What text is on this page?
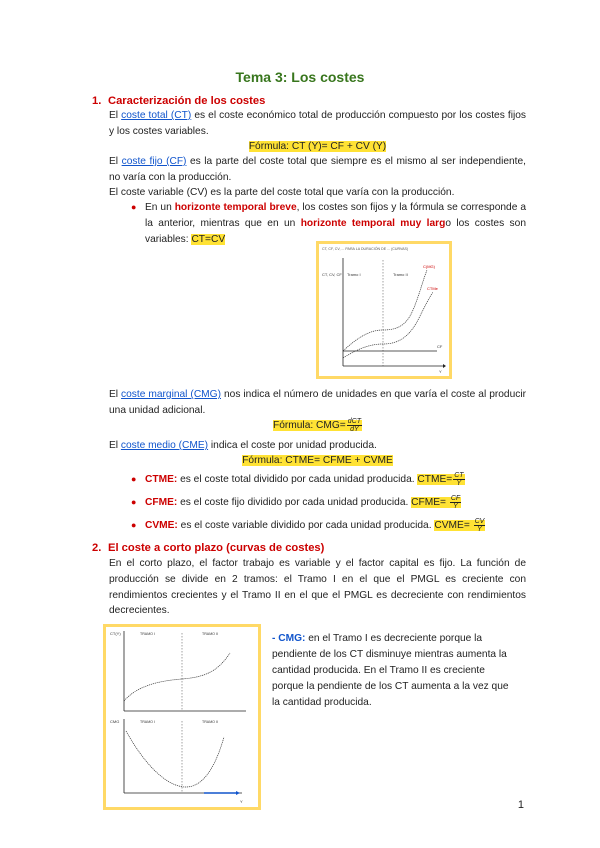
Tema 3: Los costes
1. Caracterización de los costes
El coste total (CT) es el coste económico total de producción compuesto por los costes fijos y los costes variables.
Fórmula: CT (Y)= CF + CV (Y)
El coste fijo (CF) es la parte del coste total que siempre es el mismo al ser independiente, no varía con la producción.
El coste variable (CV) es la parte del coste total que varía con la producción.
● En un horizonte temporal breve, los costes son fijos y la fórmula se corresponde a la anterior, mientras que en un horizonte temporal muy largo los costes son variables: CT=CV
CT, CF, CV, ... PARA LA DURACIÓN DE ... (CURVAS)
CT, CV, CF Tramo I	Tramo II
CF
C(MG)
CTMe
Y
El coste marginal (CMG) nos indica el número de unidades en que varía el coste al producir una unidad adicional.
Fórmula: $CMG= \frac{\text{dCT}}{dY}$
El coste medio (CME) indica el coste por unidad producida.
Fórmula: CTME= CFME + CVME
● CTME: es el coste total dividido por cada unidad producida. CTME= $\frac{CT}{Y}$
● CFME: es el coste fijo dividido por cada unidad producida. CFME= $\frac{CF}{Y}$
● CVME: es el coste variable dividido por cada unidad producida. CVME= $\frac{CV}{Y}$
2. El coste a corto plazo (curvas de costes)
En el corto plazo, el factor trabajo es variable y el factor capital es fijo. La función de producción se divide en 2 tramos: el Tramo I en el que el PMGL es creciente con rendimientos crecientes y el Tramo II en el que el PMGL es decreciente con rendimientos decrecientes.
CT(Y)	TRAMO I	TRAMO II
CMG	TRAMO I	TRAMO II
Y
- CMG: en el Tramo I es decreciente porque la pendiente de los CT disminuye mientras aumenta la cantidad producida. En el Tramo II es creciente porque la pendiente de los CT aumenta a la vez que la cantidad producida.
1
